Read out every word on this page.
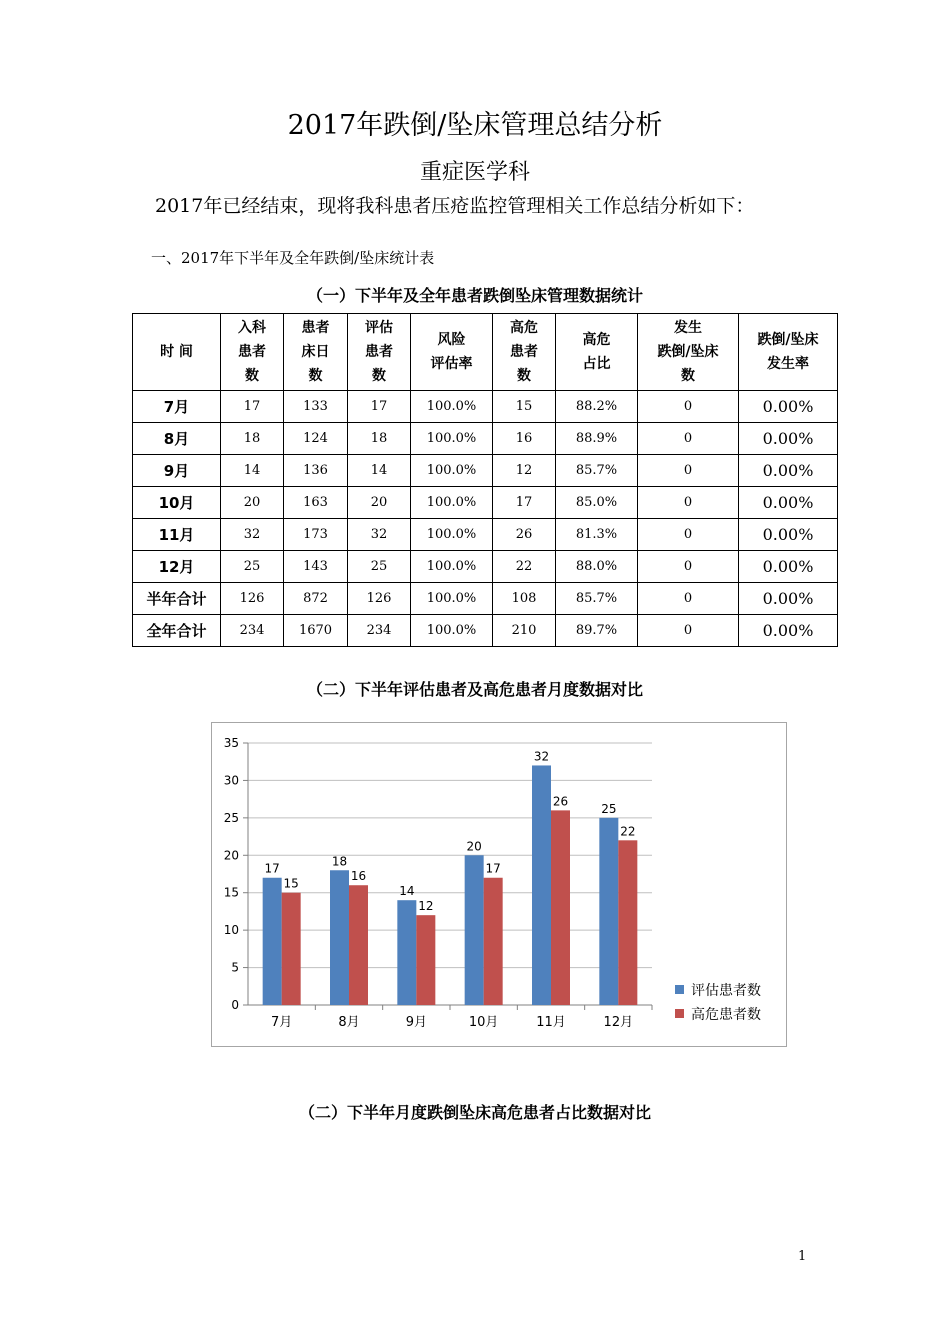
2017年跌倒/坠床管理总结分析
重症医学科
2017年已经结束，现将我科患者压疮监控管理相关工作总结分析如下：
一、2017年下半年及全年跌倒/坠床统计表
（一）下半年及全年患者跌倒坠床管理数据统计
时 间	入科
患者
数	患者
床日
数	评估
患者
数	风险
评估率	高危
患者
数	高危
占比	发生
跌倒/坠床
数	跌倒/坠床
发生率

7月	17	133	17	100.0%	15	88.2%	0	0.00%
8月	18	124	18	100.0%	16	88.9%	0	0.00%
9月	14	136	14	100.0%	12	85.7%	0	0.00%
10月	20	163	20	100.0%	17	85.0%	0	0.00%
11月	32	173	32	100.0%	26	81.3%	0	0.00%
12月	25	143	25	100.0%	22	88.0%	0	0.00%
半年合计	126	872	126	100.0%	108	85.7%	0	0.00%
全年合计	234	1670	234	100.0%	210	89.7%	0	0.00%
（二）下半年评估患者及高危患者月度数据对比
0
5
10
15
20
25
30
35
17
15
7月
18
16
8月
14
12
9月
20
17
10月
32
26
11月
25
22
12月
评估患者数
高危患者数
（二）下半年月度跌倒坠床高危患者占比数据对比
1
